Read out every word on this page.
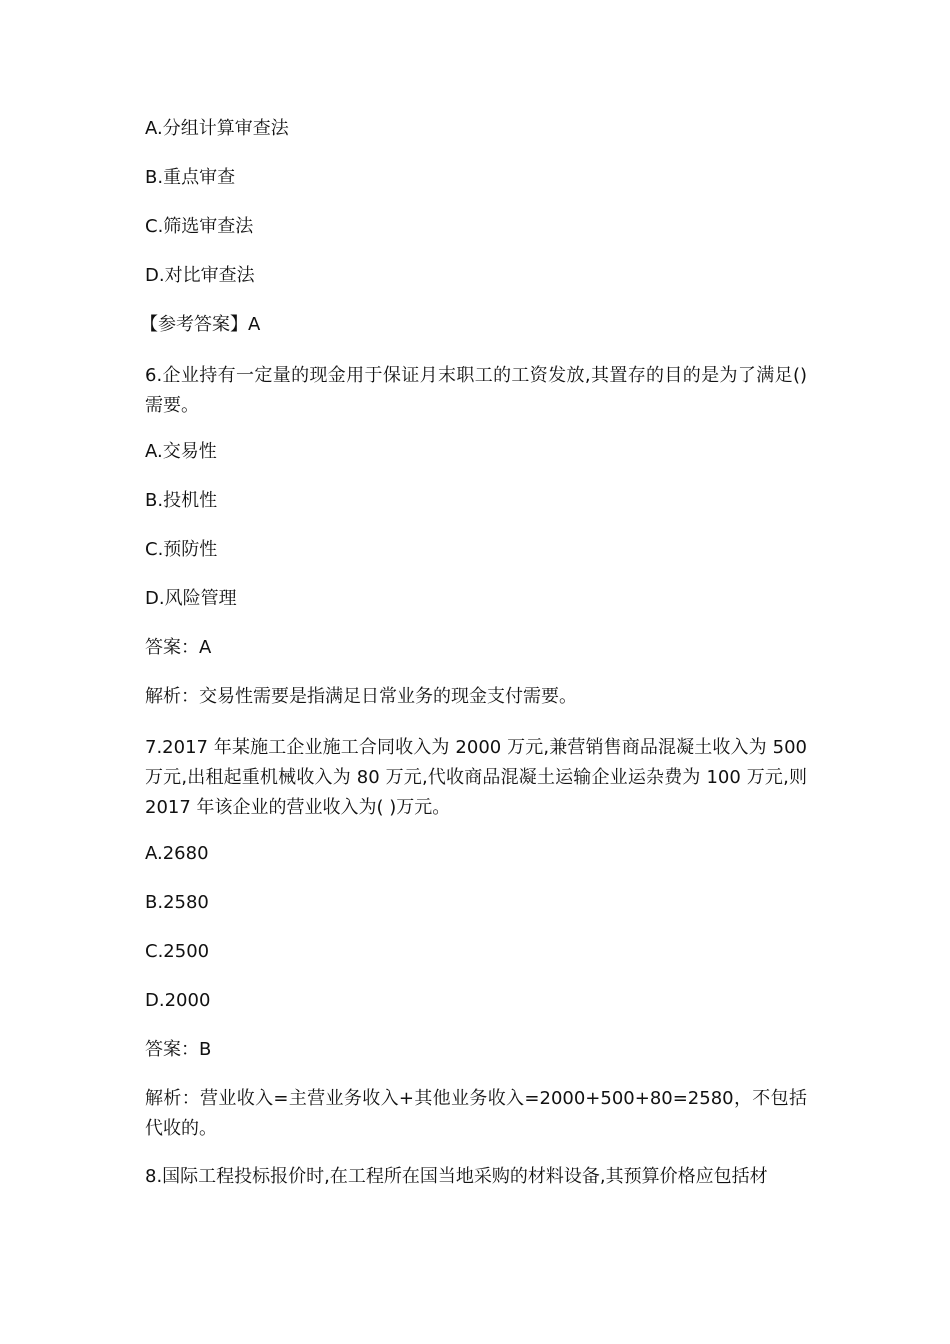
A.分组计算审查法
B.重点审查
C.筛选审查法
D.对比审查法
【参考答案】A
6.企业持有一定量的现金用于保证月末职工的工资发放,其置存的目的是为了满足()需要。
A.交易性
B.投机性
C.预防性
D.风险管理
答案：A
解析：交易性需要是指满足日常业务的现金支付需要。
7.2017 年某施工企业施工合同收入为 2000 万元,兼营销售商品混凝土收入为 500 万元,出租起重机械收入为 80 万元,代收商品混凝土运输企业运杂费为 100 万元,则 2017 年该企业的营业收入为( )万元。
A.2680
B.2580
C.2500
D.2000
答案：B
解析：营业收入=主营业务收入+其他业务收入=2000+500+80=2580，不包括代收的。
8.国际工程投标报价时,在工程所在国当地采购的材料设备,其预算价格应包括材
